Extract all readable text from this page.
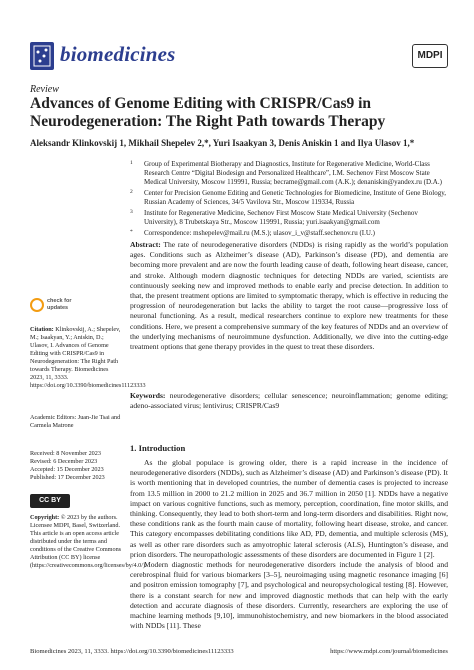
biomedicines	MDPI
Review
Advances of Genome Editing with CRISPR/Cas9 in Neurodegeneration: The Right Path towards Therapy
Aleksandr Klinkovskij 1, Mikhail Shepelev 2,*, Yuri Isaakyan 3, Denis Aniskin 1 and Ilya Ulasov 1,*
1 Group of Experimental Biotherapy and Diagnostics, Institute for Regenerative Medicine, World-Class Research Centre “Digital Biodesign and Personalized Healthcare”, I.M. Sechenov First Moscow State Medical University, Moscow 119991, Russia; becrame@gmail.com (A.K.); denaniskin@yandex.ru (D.A.)
2 Center for Precision Genome Editing and Genetic Technologies for Biomedicine, Institute of Gene Biology, Russian Academy of Sciences, 34/5 Vavilova Str., Moscow 119334, Russia
3 Institute for Regenerative Medicine, Sechenov First Moscow State Medical University (Sechenov University), 8 Trubetskaya Str., Moscow 119991, Russia; yuri.isaakyan@gmail.com
* Correspondence: mshepelev@mail.ru (M.S.); ulasov_i_v@staff.sechenov.ru (I.U.)
Abstract: The rate of neurodegenerative disorders (NDDs) is rising rapidly as the world’s population ages. Conditions such as Alzheimer’s disease (AD), Parkinson’s disease (PD), and dementia are becoming more prevalent and are now the fourth leading cause of death, following heart disease, cancer, and stroke. Although modern diagnostic techniques for detecting NDDs are varied, scientists are continuously seeking new and improved methods to enable early and precise detection. In addition to that, the present treatment options are limited to symptomatic therapy, which is effective in reducing the progression of neurodegeneration but lacks the ability to target the root cause—progressive loss of neuronal functioning. As a result, medical researchers continue to explore new treatments for these conditions. Here, we present a comprehensive summary of the key features of NDDs and an overview of the underlying mechanisms of neuroimmune dysfunction. Additionally, we dive into the cutting-edge treatment options that gene therapy provides in the quest to treat these disorders.
Keywords: neurodegenerative disorders; cellular senescence; neuroinflammation; genome editing; adeno-associated virus; lentivirus; CRISPR/Cas9
check for updates
Citation: Klinkovskij, A.; Shepelev, M.; Isaakyan, Y.; Aniskin, D.; Ulasov, I. Advances of Genome Editing with CRISPR/Cas9 in Neurodegeneration: The Right Path towards Therapy. Biomedicines 2023, 11, 3333. https://doi.org/10.3390/biomedicines11123333
Academic Editors: Juan-Jie Tsai and Carmela Matrone
Received: 8 November 2023
Revised: 6 December 2023
Accepted: 15 December 2023
Published: 17 December 2023
CC BY
Copyright: © 2023 by the authors. Licensee MDPI, Basel, Switzerland. This article is an open access article distributed under the terms and conditions of the Creative Commons Attribution (CC BY) license (https://creativecommons.org/licenses/by/4.0/).
1. Introduction

As the global populace is growing older, there is a rapid increase in the incidence of neurodegenerative disorders (NDDs), such as Alzheimer’s disease (AD) and Parkinson’s disease (PD). It is worth mentioning that in developed countries, the number of dementia cases is projected to increase from 13.5 million in 2000 to 21.2 million in 2025 and 36.7 million in 2050 [1]. NDDs have a negative impact on various cognitive functions, such as memory, perception, coordination, fine motor skills, and thinking. Consequently, they lead to both short-term and long-term disorders and disabilities. Right now, these conditions rank as the fourth main cause of mortality, following heart disease, stroke, and cancer. This category encompasses debilitating conditions like AD, PD, dementia, and multiple sclerosis (MS), as well as other rare disorders such as amyotrophic lateral sclerosis (ALS), Huntington’s disease, and prion disorders. The neuropathologic assessments of these disorders are documented in Figure 1 [2].

Modern diagnostic methods for neurodegenerative disorders include the analysis of blood and cerebrospinal fluid for various biomarkers [3–5], neuroimaging using magnetic resonance imaging [6] and positron emission tomography [7], and psychological and neuropsychological testing [8]. However, there is a constant search for new and improved diagnostic methods that can help with the early detection and accurate diagnosis of these disorders. Currently, researchers are exploring the use of machine learning methods [9,10], immunohistochemistry, and new biomarkers in the blood associated with NDDs [11]. These

Biomedicines 2023, 11, 3333. https://doi.org/10.3390/biomedicines11123333	https://www.mdpi.com/journal/biomedicines
